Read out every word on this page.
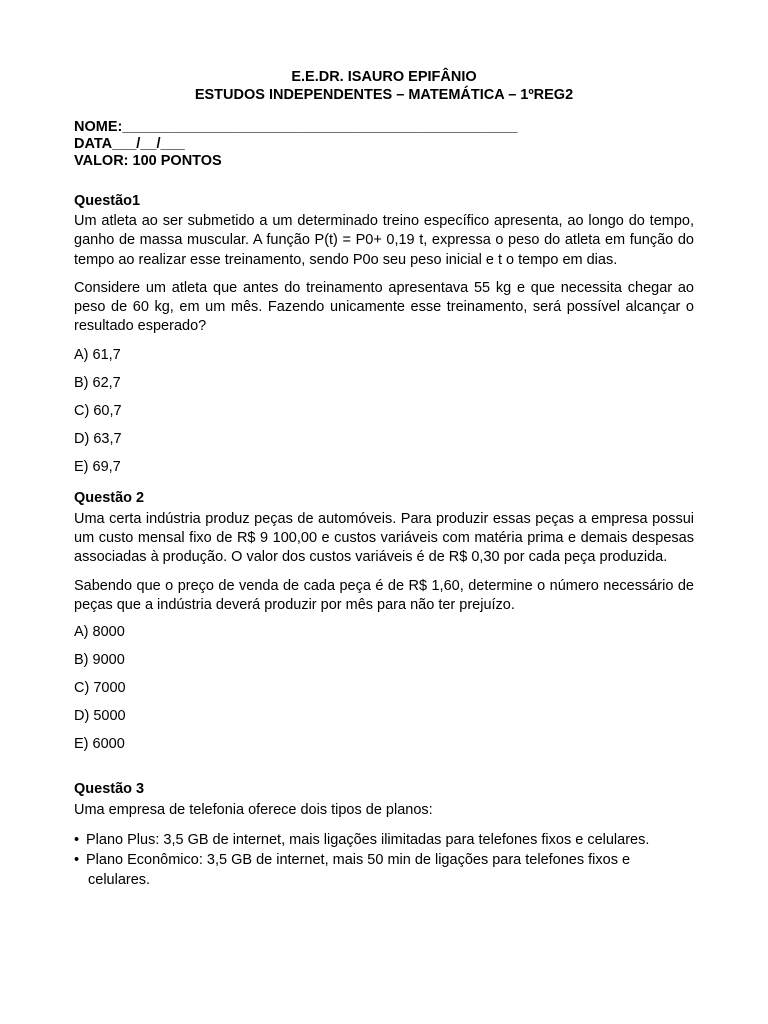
E.E.DR. ISAURO EPIFÂNIO
ESTUDOS INDEPENDENTES – MATEMÁTICA – 1ºREG2
NOME:_________________________________________________
DATA___/__/___
VALOR: 100 PONTOS
Questão1

Um atleta ao ser submetido a um determinado treino específico apresenta, ao longo do tempo, ganho de massa muscular. A função P(t) = P0+ 0,19 t, expressa o peso do atleta em função do tempo ao realizar esse treinamento, sendo P0o seu peso inicial e t o tempo em dias.

Considere um atleta que antes do treinamento apresentava 55 kg e que necessita chegar ao peso de 60 kg, em um mês. Fazendo unicamente esse treinamento, será possível alcançar o resultado esperado?

A) 61,7
B) 62,7
C) 60,7
D) 63,7
E) 69,7
Questão 2

Uma certa indústria produz peças de automóveis. Para produzir essas peças a empresa possui um custo mensal fixo de R$ 9 100,00 e custos variáveis com matéria prima e demais despesas associadas à produção. O valor dos custos variáveis é de R$ 0,30 por cada peça produzida.

Sabendo que o preço de venda de cada peça é de R$ 1,60, determine o número necessário de peças que a indústria deverá produzir por mês para não ter prejuízo.

A) 8000
B) 9000
C) 7000
D) 5000
E) 6000
Questão 3

Uma empresa de telefonia oferece dois tipos de planos:

• Plano Plus: 3,5 GB de internet, mais ligações ilimitadas para telefones fixos e celulares.
• Plano Econômico: 3,5 GB de internet, mais 50 min de ligações para telefones fixos e celulares.
